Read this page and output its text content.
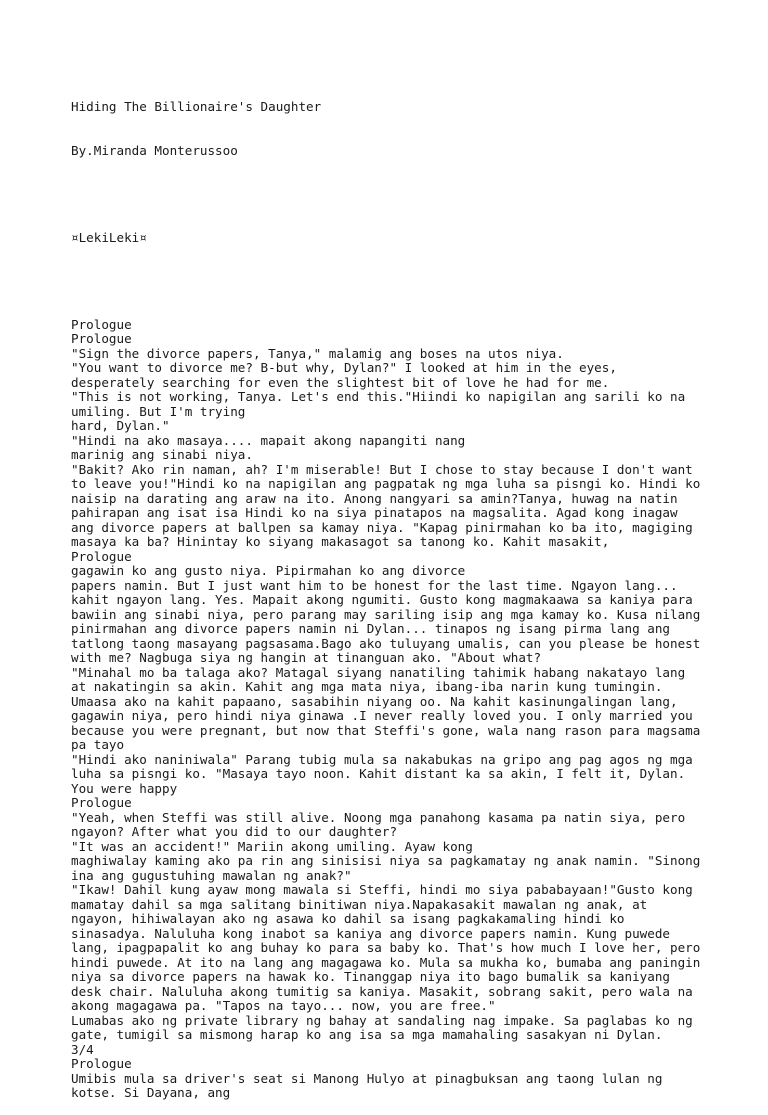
Hiding The Billionaire's Daughter

By.Miranda Monterussoo

¤LekiLeki¤

Prologue
Prologue
"Sign the divorce papers, Tanya," malamig ang boses na utos niya.
"You want to divorce me? B-but why, Dylan?" I looked at him in the eyes,
desperately searching for even the slightest bit of love he had for me.
"This is not working, Tanya. Let's end this."Hiindi ko napigilan ang sarili ko na
umiling. But I'm trying
hard, Dylan."
"Hindi na ako masaya.... mapait akong napangiti nang
marinig ang sinabi niya.
"Bakit? Ako rin naman, ah? I'm miserable! But I chose to stay because I don't want
to leave you!"Hindi ko na napigilan ang pagpatak ng mga luha sa pisngi ko. Hindi ko
naisip na darating ang araw na ito. Anong nangyari sa amin?Tanya, huwag na natin
pahirapan ang isat isa Hindi ko na siya pinatapos na magsalita. Agad kong inagaw
ang divorce papers at ballpen sa kamay niya. "Kapag pinirmahan ko ba ito, magiging
masaya ka ba? Hinintay ko siyang makasagot sa tanong ko. Kahit masakit,
Prologue
gagawin ko ang gusto niya. Pipirmahan ko ang divorce
papers namin. But I just want him to be honest for the last time. Ngayon lang...
kahit ngayon lang. Yes. Mapait akong ngumiti. Gusto kong magmakaawa sa kaniya para
bawiin ang sinabi niya, pero parang may sariling isip ang mga kamay ko. Kusa nilang
pinirmahan ang divorce papers namin ni Dylan... tinapos ng isang pirma lang ang
tatlong taong masayang pagsasama.Bago ako tuluyang umalis, can you please be honest
with me? Nagbuga siya ng hangin at tinanguan ako. "About what?
"Minahal mo ba talaga ako? Matagal siyang nanatiling tahimik habang nakatayo lang
at nakatingin sa akin. Kahit ang mga mata niya, ibang-iba narin kung tumingin.
Umaasa ako na kahit papaano, sasabihin niyang oo. Na kahit kasinungalingan lang,
gagawin niya, pero hindi niya ginawa .I never really loved you. I only married you
because you were pregnant, but now that Steffi's gone, wala nang rason para magsama
pa tayo
"Hindi ako naniniwala" Parang tubig mula sa nakabukas na gripo ang pag agos ng mga
luha sa pisngi ko. "Masaya tayo noon. Kahit distant ka sa akin, I felt it, Dylan.
You were happy
Prologue
"Yeah, when Steffi was still alive. Noong mga panahong kasama pa natin siya, pero
ngayon? After what you did to our daughter?
"It was an accident!" Mariin akong umiling. Ayaw kong
maghiwalay kaming ako pa rin ang sinisisi niya sa pagkamatay ng anak namin. "Sinong
ina ang gugustuhing mawalan ng anak?"
"Ikaw! Dahil kung ayaw mong mawala si Steffi, hindi mo siya pababayaan!"Gusto kong
mamatay dahil sa mga salitang binitiwan niya.Napakasakit mawalan ng anak, at
ngayon, hihiwalayan ako ng asawa ko dahil sa isang pagkakamaling hindi ko
sinasadya. Naluluha kong inabot sa kaniya ang divorce papers namin. Kung puwede
lang, ipagpapalit ko ang buhay ko para sa baby ko. That's how much I love her, pero
hindi puwede. At ito na lang ang magagawa ko. Mula sa mukha ko, bumaba ang paningin
niya sa divorce papers na hawak ko. Tinanggap niya ito bago bumalik sa kaniyang
desk chair. Naluluha akong tumitig sa kaniya. Masakit, sobrang sakit, pero wala na
akong magagawa pa. "Tapos na tayo... now, you are free."
Lumabas ako ng private library ng bahay at sandaling nag impake. Sa paglabas ko ng
gate, tumigil sa mismong harap ko ang isa sa mga mamahaling sasakyan ni Dylan.
3/4
Prologue
Umibis mula sa driver's seat si Manong Hulyo at pinagbuksan ang taong lulan ng
kotse. Si Dayana, ang
